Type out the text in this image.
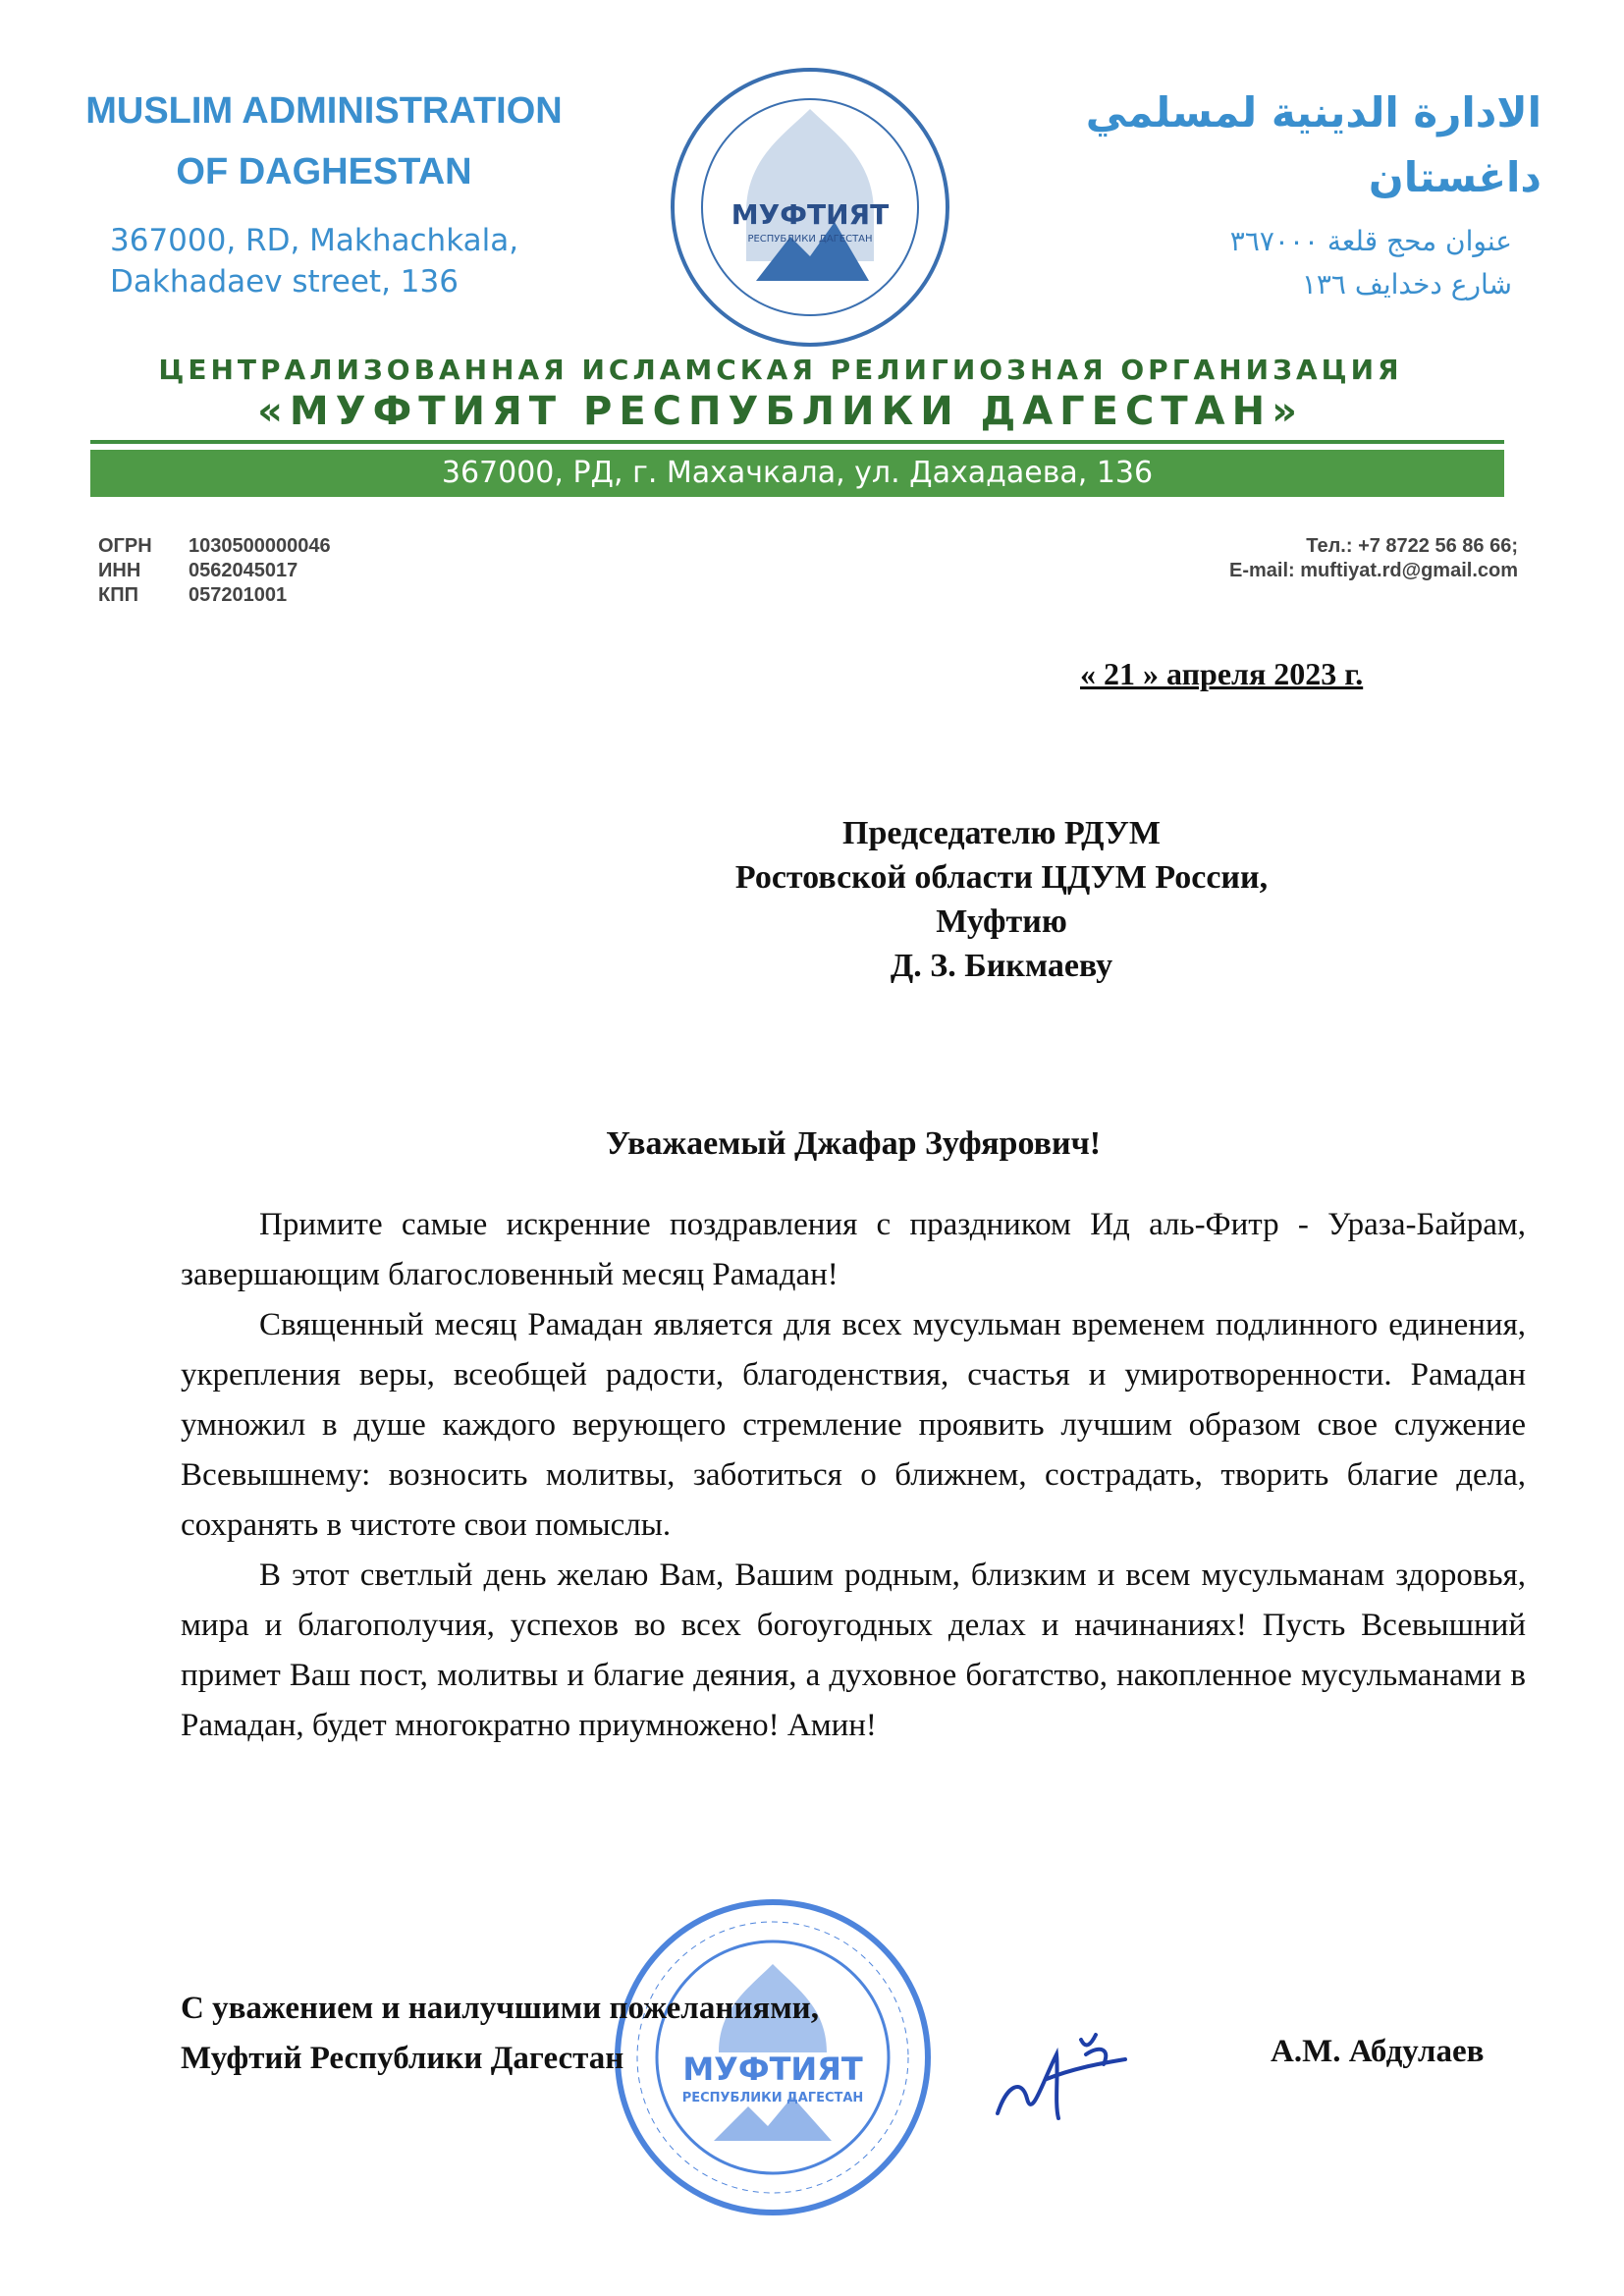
MUSLIM ADMINISTRATION
OF DAGHESTAN
367000, RD, Makhachkala,
Dakhadaev street, 136
МУФТИЯТ
РЕСПУБЛИКИ ДАГЕСТАН
الادارة الدينية لمسلمي
داغستان
عنوان محج قلعة ٣٦٧٠٠٠
شارع دخدايف ١٣٦
ЦЕНТРАЛИЗОВАННАЯ ИСЛАМСКАЯ РЕЛИГИОЗНАЯ ОРГАНИЗАЦИЯ
«МУФТИЯТ РЕСПУБЛИКИ ДАГЕСТАН»
367000, РД, г. Махачкала, ул. Дахадаева, 136
ОГРН
ИНН
КПП
1030500000046
0562045017
057201001
Тел.: +7 8722 56 86 66;
E-mail: muftiyat.rd@gmail.com
« 21 » апреля 2023 г.
Председателю РДУМ
Ростовской области ЦДУМ России,
Муфтию
Д. З. Бикмаеву
Уважаемый Джафар Зуфярович!

Примите самые искренние поздравления с праздником Ид аль-Фитр - Ураза-Байрам, завершающим благословенный месяц Рамадан!

Священный месяц Рамадан является для всех мусульман временем подлинного единения, укрепления веры, всеобщей радости, благоденствия, счастья и умиротворенности. Рамадан умножил в душе каждого верующего стремление проявить лучшим образом свое служение Всевышнему: возносить молитвы, заботиться о ближнем, сострадать, творить благие дела, сохранять в чистоте свои помыслы.

В этот светлый день желаю Вам, Вашим родным, близким и всем мусульманам здоровья, мира и благополучия, успехов во всех богоугодных делах и начинаниях! Пусть Всевышний примет Ваш пост, молитвы и благие деяния, а духовное богатство, накопленное мусульманами в Рамадан, будет многократно приумножено! Амин!

МУФТИЯТ
РЕСПУБЛИКИ ДАГЕСТАН
С уважением и наилучшими пожеланиями,
Муфтий Республики Дагестан	А.М. Абдулаев
